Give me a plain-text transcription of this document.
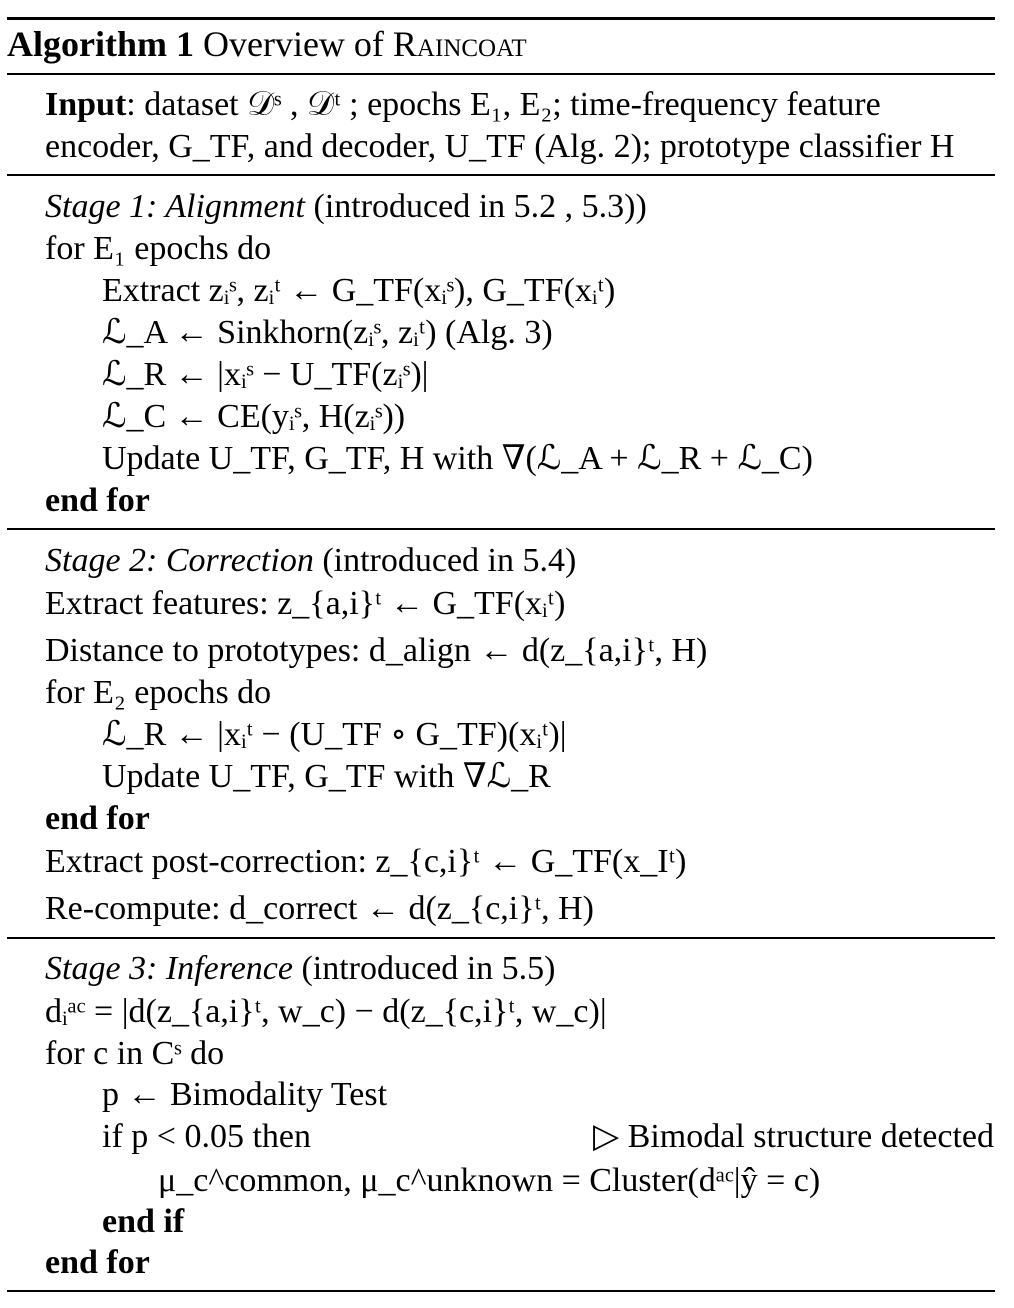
Algorithm 1 Overview of Raincoat
Input: dataset 𝒟ˢ , 𝒟ᵗ ; epochs E₁, E₂; time-frequency feature
encoder, G_TF, and decoder, U_TF (Alg. 2); prototype classifier H
Stage 1: Alignment (introduced in 5.2 , 5.3))
for E₁ epochs do
Extract zᵢˢ, zᵢᵗ ← G_TF(xᵢˢ), G_TF(xᵢᵗ)
ℒ_A ← Sinkhorn(zᵢˢ, zᵢᵗ) (Alg. 3)
ℒ_R ← |xᵢˢ − U_TF(zᵢˢ)|
ℒ_C ← CE(yᵢˢ, H(zᵢˢ))
Update U_TF, G_TF, H with ∇(ℒ_A + ℒ_R + ℒ_C)
end for
Stage 2: Correction (introduced in 5.4)
Extract features: z_{a,i}ᵗ ← G_TF(xᵢᵗ)
Distance to prototypes: d_align ← d(z_{a,i}ᵗ, H)
for E₂ epochs do
ℒ_R ← |xᵢᵗ − (U_TF ∘ G_TF)(xᵢᵗ)|
Update U_TF, G_TF with ∇ℒ_R
end for
Extract post-correction: z_{c,i}ᵗ ← G_TF(x_Iᵗ)
Re-compute: d_correct ← d(z_{c,i}ᵗ, H)
Stage 3: Inference (introduced in 5.5)
dᵢᵃᶜ = |d(z_{a,i}ᵗ, w_c) − d(z_{c,i}ᵗ, w_c)|
for c in Cˢ do
p ← Bimodality Test
if p < 0.05 then	▷ Bimodal structure detected
μ_c^common, μ_c^unknown = Cluster(dᵃᶜ|ŷ = c)
end if
end for
